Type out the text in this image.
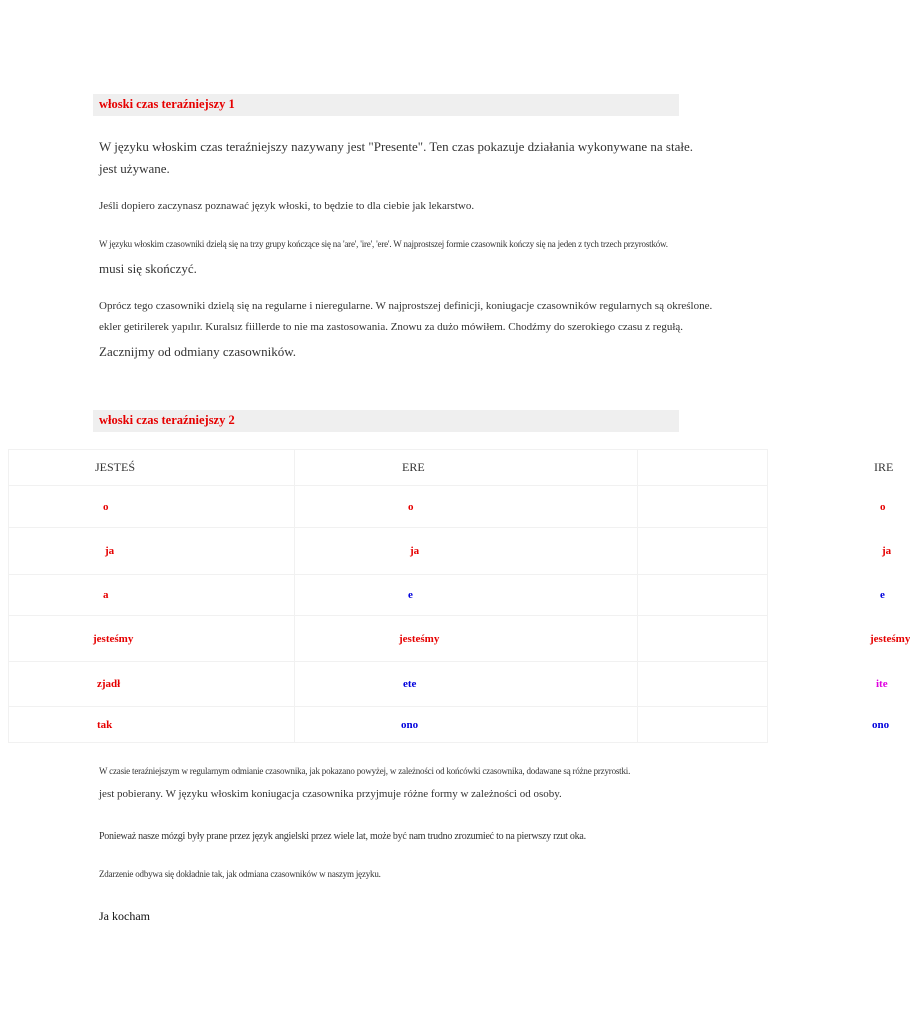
włoski czas teraźniejszy 1
W języku włoskim czas teraźniejszy nazywany jest "Presente". Ten czas pokazuje działania wykonywane na stałe.
jest używane.
Jeśli dopiero zaczynasz poznawać język włoski, to będzie to dla ciebie jak lekarstwo.
W języku włoskim czasowniki dzielą się na trzy grupy kończące się na 'are', 'ire', 'ere'. W najprostszej formie czasownik kończy się na jeden z tych trzech przyrostków.
musi się skończyć.
Oprócz tego czasowniki dzielą się na regularne i nieregularne. W najprostszej definicji, koniugacje czasowników regularnych są określone.
ekler getirilerek yapılır. Kuralsız fiillerde to nie ma zastosowania. Znowu za dużo mówiłem. Chodźmy do szerokiego czasu z regułą.
Zacznijmy od odmiany czasowników.
włoski czas teraźniejszy 2
JESTEŚ	ERE	IRE
o	o	o
ja	ja	ja
a	e	e
jesteśmy	jesteśmy	jesteśmy
zjadł	ete	ite
tak	ono	ono
W czasie teraźniejszym w regularnym odmianie czasownika, jak pokazano powyżej, w zależności od końcówki czasownika, dodawane są różne przyrostki.
jest pobierany. W języku włoskim koniugacja czasownika przyjmuje różne formy w zależności od osoby.
Ponieważ nasze mózgi były prane przez język angielski przez wiele lat, może być nam trudno zrozumieć to na pierwszy rzut oka.
Zdarzenie odbywa się dokładnie tak, jak odmiana czasowników w naszym języku.
Ja kocham
